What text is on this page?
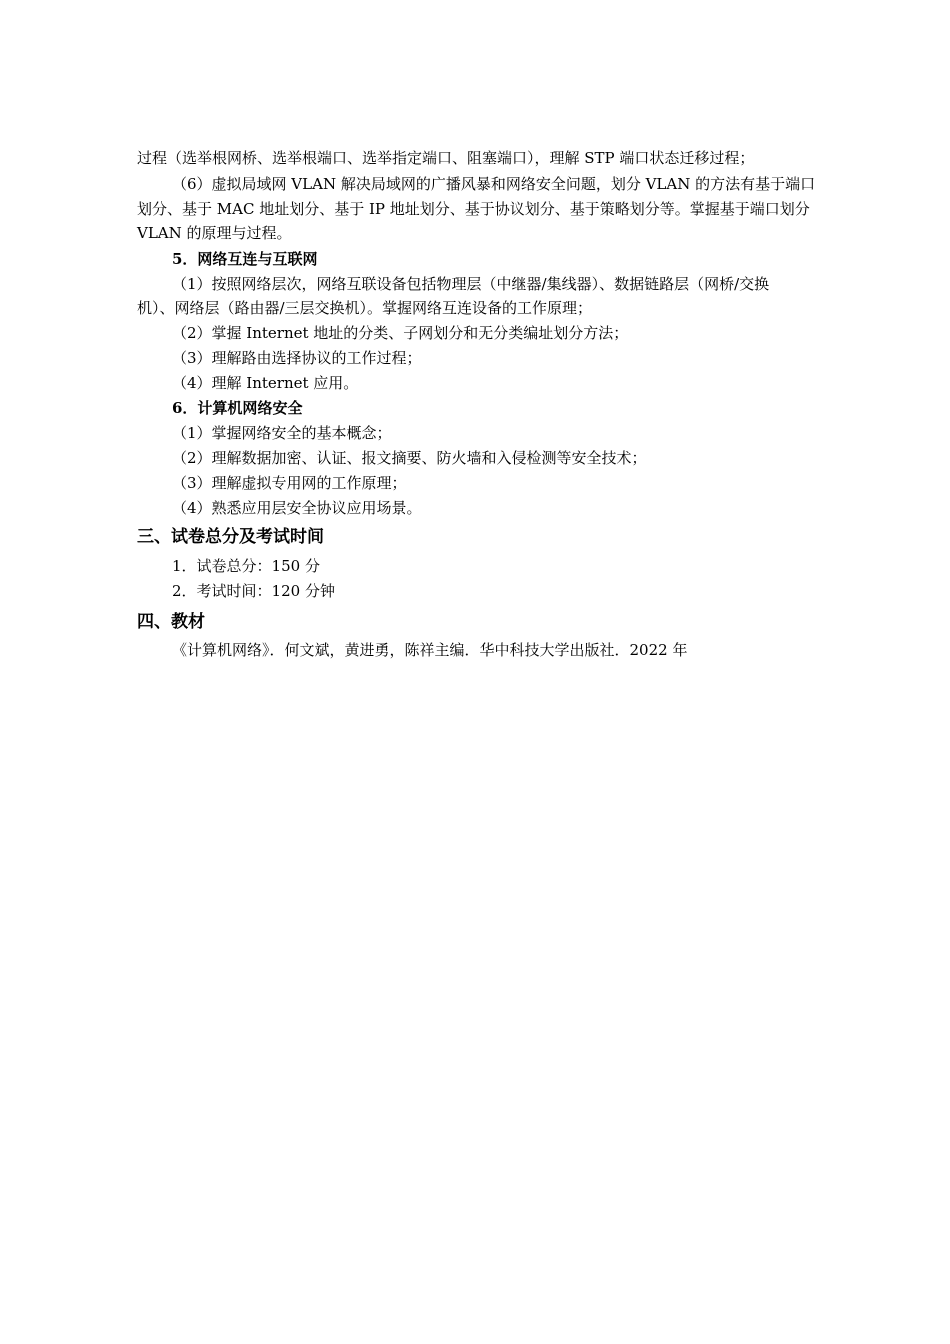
过程（选举根网桥、选举根端口、选举指定端口、阻塞端口），理解 STP 端口状态迁移过程；
（6）虚拟局域网 VLAN 解决局域网的广播风暴和网络安全问题，划分 VLAN 的方法有基于端口
划分、基于 MAC 地址划分、基于 IP 地址划分、基于协议划分、基于策略划分等。掌握基于端口划分
VLAN 的原理与过程。
5．网络互连与互联网
（1）按照网络层次，网络互联设备包括物理层（中继器/集线器）、数据链路层（网桥/交换
机）、网络层（路由器/三层交换机）。掌握网络互连设备的工作原理；
（2）掌握 Internet 地址的分类、子网划分和无分类编址划分方法；
（3）理解路由选择协议的工作过程；
（4）理解 Internet 应用。
6．计算机网络安全
（1）掌握网络安全的基本概念；
（2）理解数据加密、认证、报文摘要、防火墙和入侵检测等安全技术；
（3）理解虚拟专用网的工作原理；
（4）熟悉应用层安全协议应用场景。
三、试卷总分及考试时间
1．试卷总分：150 分
2．考试时间：120 分钟
四、教材
《计算机网络》．何文斌，黄进勇，陈祥主编．华中科技大学出版社．2022 年
